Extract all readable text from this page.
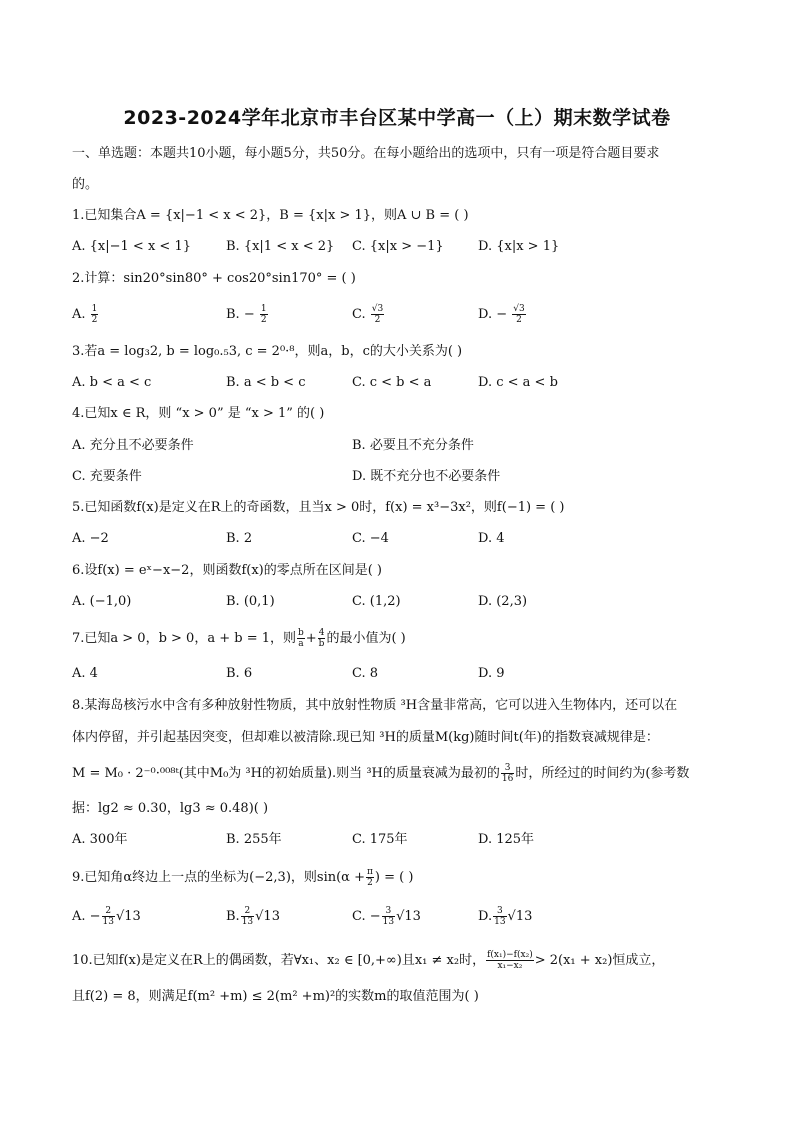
2023-2024学年北京市丰台区某中学高一（上）期末数学试卷
一、单选题：本题共10小题，每小题5分，共50分。在每小题给出的选项中，只有一项是符合题目要求
的。
1.已知集合A = {x|−1 < x < 2}，B = {x|x > 1}，则A ∪ B = ( )
A. {x|−1 < x < 1}	B. {x|1 < x < 2} C. {x|x > −1}	D. {x|x > 1}
2.计算：sin20°sin80° + cos20°sin170° = ( )
A. $\frac{1}{2}$	B. − $\frac{1}{2}$	C. $\frac{√3}{2}$	D. − $\frac{√3}{2}$
3.若a = log₃2, b = log₀.₅3, c = 2⁰·⁸，则a，b，c的大小关系为( )
A. b < a < c	B. a < b < c	C. c < b < a	D. c < a < b
4.已知x ∈ R，则 “x > 0” 是 “x > 1” 的( )
A. 充分且不必要条件	B. 必要且不充分条件
C. 充要条件	D. 既不充分也不必要条件
5.已知函数f(x)是定义在R上的奇函数，且当x > 0时，f(x) = x³−3x²，则f(−1) = ( )
A. −2	B. 2	C. −4	D. 4
6.设f(x) = eˣ−x−2，则函数f(x)的零点所在区间是( )
A. (−1,0)	B. (0,1)	C. (1,2)	D. (2,3)
7.已知a > 0，b > 0，a + b = 1，则 $\frac{b}{a} + \frac{4}{b}$ 的最小值为( )
A. 4	B. 6	C. 8	D. 9
8.某海岛核污水中含有多种放射性物质，其中放射性物质 ³H含量非常高，它可以进入生物体内，还可以在
体内停留，并引起基因突变，但却难以被清除.现已知 ³H的质量M(kg)随时间t(年)的指数衰减规律是：
M = M₀ · 2⁻⁰·⁰⁰⁸ᵗ(其中M₀为 ³H的初始质量).则当 ³H的质量衰减为最初的 $\frac{3}{16}$ 时，所经过的时间约为(参考数
据：lg2 ≈ 0.30，lg3 ≈ 0.48)( )
A. 300年	B. 255年	C. 175年	D. 125年
9.已知角α终边上一点的坐标为(−2,3)，则$\sin(\alpha + \frac{\pi}{2}$ ) = ( )
A. − $\frac{2}{13} √13$	B. $\frac{2}{13} √13$	C. − $\frac{3}{13} √13$	D. $\frac{3}{13} √13$
10.已知f(x)是定义在R上的偶函数，若∀x₁、x₂ ∈ [0,+∞)且x₁ ≠ x₂时， $\frac{\text{f(x₁)−f(x₂)}}{\text{x₁−x₂}} > 2(x_1 + x_2)$恒成立，
且f(2) = 8，则满足f(m² +m) ≤ 2(m² +m)²的实数m的取值范围为( )
